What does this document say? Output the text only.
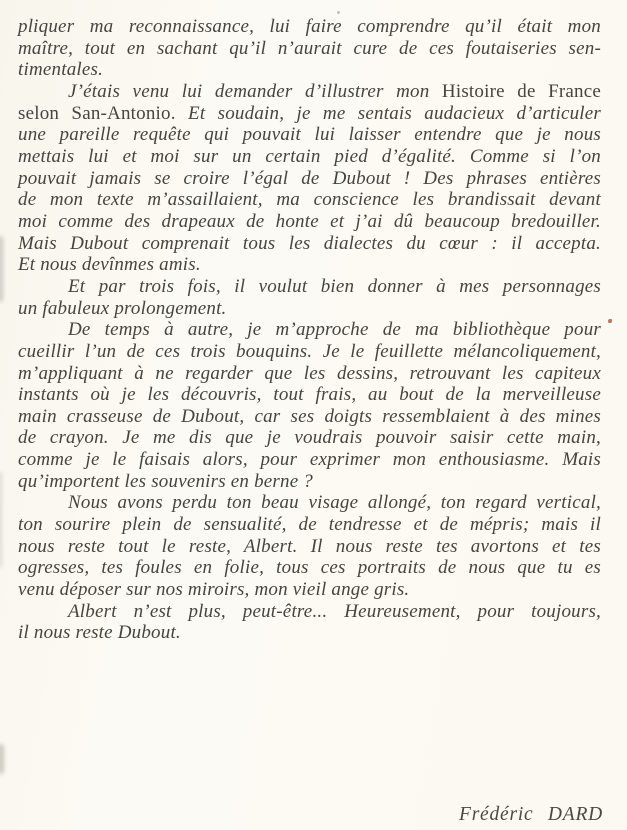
pliquer ma reconnaissance, lui faire comprendre qu’il était mon
maître, tout en sachant qu’il n’aurait cure de ces foutaiseries sen-
timentales.
J’étais venu lui demander d’illustrer mon Histoire de France
selon San-Antonio. Et soudain, je me sentais audacieux d’articuler
une pareille requête qui pouvait lui laisser entendre que je nous
mettais lui et moi sur un certain pied d’égalité. Comme si l’on
pouvait jamais se croire l’égal de Dubout ! Des phrases entières
de mon texte m’assaillaient, ma conscience les brandissait devant
moi comme des drapeaux de honte et j’ai dû beaucoup bredouiller.
Mais Dubout comprenait tous les dialectes du cœur : il accepta.
Et nous devînmes amis.
Et par trois fois, il voulut bien donner à mes personnages
un fabuleux prolongement.
De temps à autre, je m’approche de ma bibliothèque pour
cueillir l’un de ces trois bouquins. Je le feuillette mélancoliquement,
m’appliquant à ne regarder que les dessins, retrouvant les capiteux
instants où je les découvris, tout frais, au bout de la merveilleuse
main crasseuse de Dubout, car ses doigts ressemblaient à des mines
de crayon. Je me dis que je voudrais pouvoir saisir cette main,
comme je le faisais alors, pour exprimer mon enthousiasme. Mais
qu’importent les souvenirs en berne ?
Nous avons perdu ton beau visage allongé, ton regard vertical,
ton sourire plein de sensualité, de tendresse et de mépris; mais il
nous reste tout le reste, Albert. Il nous reste tes avortons et tes
ogresses, tes foules en folie, tous ces portraits de nous que tu es
venu déposer sur nos miroirs, mon vieil ange gris.
Albert n’est plus, peut-être... Heureusement, pour toujours,
il nous reste Dubout.
Frédéric DARD
